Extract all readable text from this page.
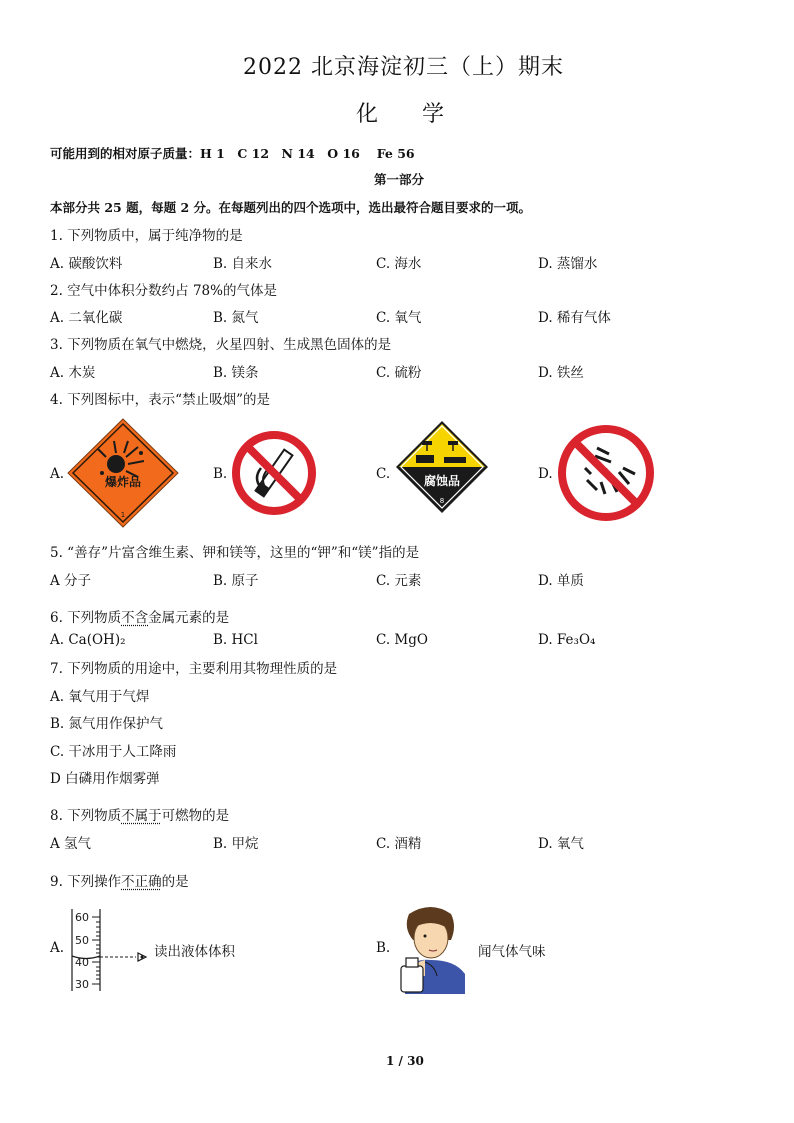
2022 北京海淀初三（上）期末
化　　学
可能用到的相对原子质量：H 1　C 12　N 14　O 16　 Fe 56
第一部分
本部分共 25 题，每题 2 分。在每题列出的四个选项中，选出最符合题目要求的一项。
1. 下列物质中，属于纯净物的是
A. 碳酸饮料	B. 自来水	C. 海水	D. 蒸馏水
2. 空气中体积分数约占 78%的气体是
A. 二氧化碳	B. 氮气	C. 氧气	D. 稀有气体
3. 下列物质在氧气中燃烧，火星四射、生成黑色固体的是
A. 木炭	B. 镁条	C. 硫粉	D. 铁丝
4. 下列图标中，表示“禁止吸烟”的是
A.	B.	C.	D.
爆炸品
1
腐蚀品
8
5. “善存”片富含维生素、钾和镁等，这里的“钾”和“镁”指的是
A 分子	B. 原子	C. 元素	D. 单质
6. 下列物质不含金属元素的是
A. Ca(OH)₂	B. HCl	C. MgO	D. Fe₃O₄
7. 下列物质的用途中，主要利用其物理性质的是
A. 氧气用于气焊
B. 氮气用作保护气
C. 干冰用于人工降雨
D 白磷用作烟雾弹
8. 下列物质不属于可燃物的是
A 氢气	B. 甲烷	C. 酒精	D. 氧气
9. 下列操作不正确的是
A.	B.
60
50
40
30
读出液体体积	闻气体气味
1 / 30
